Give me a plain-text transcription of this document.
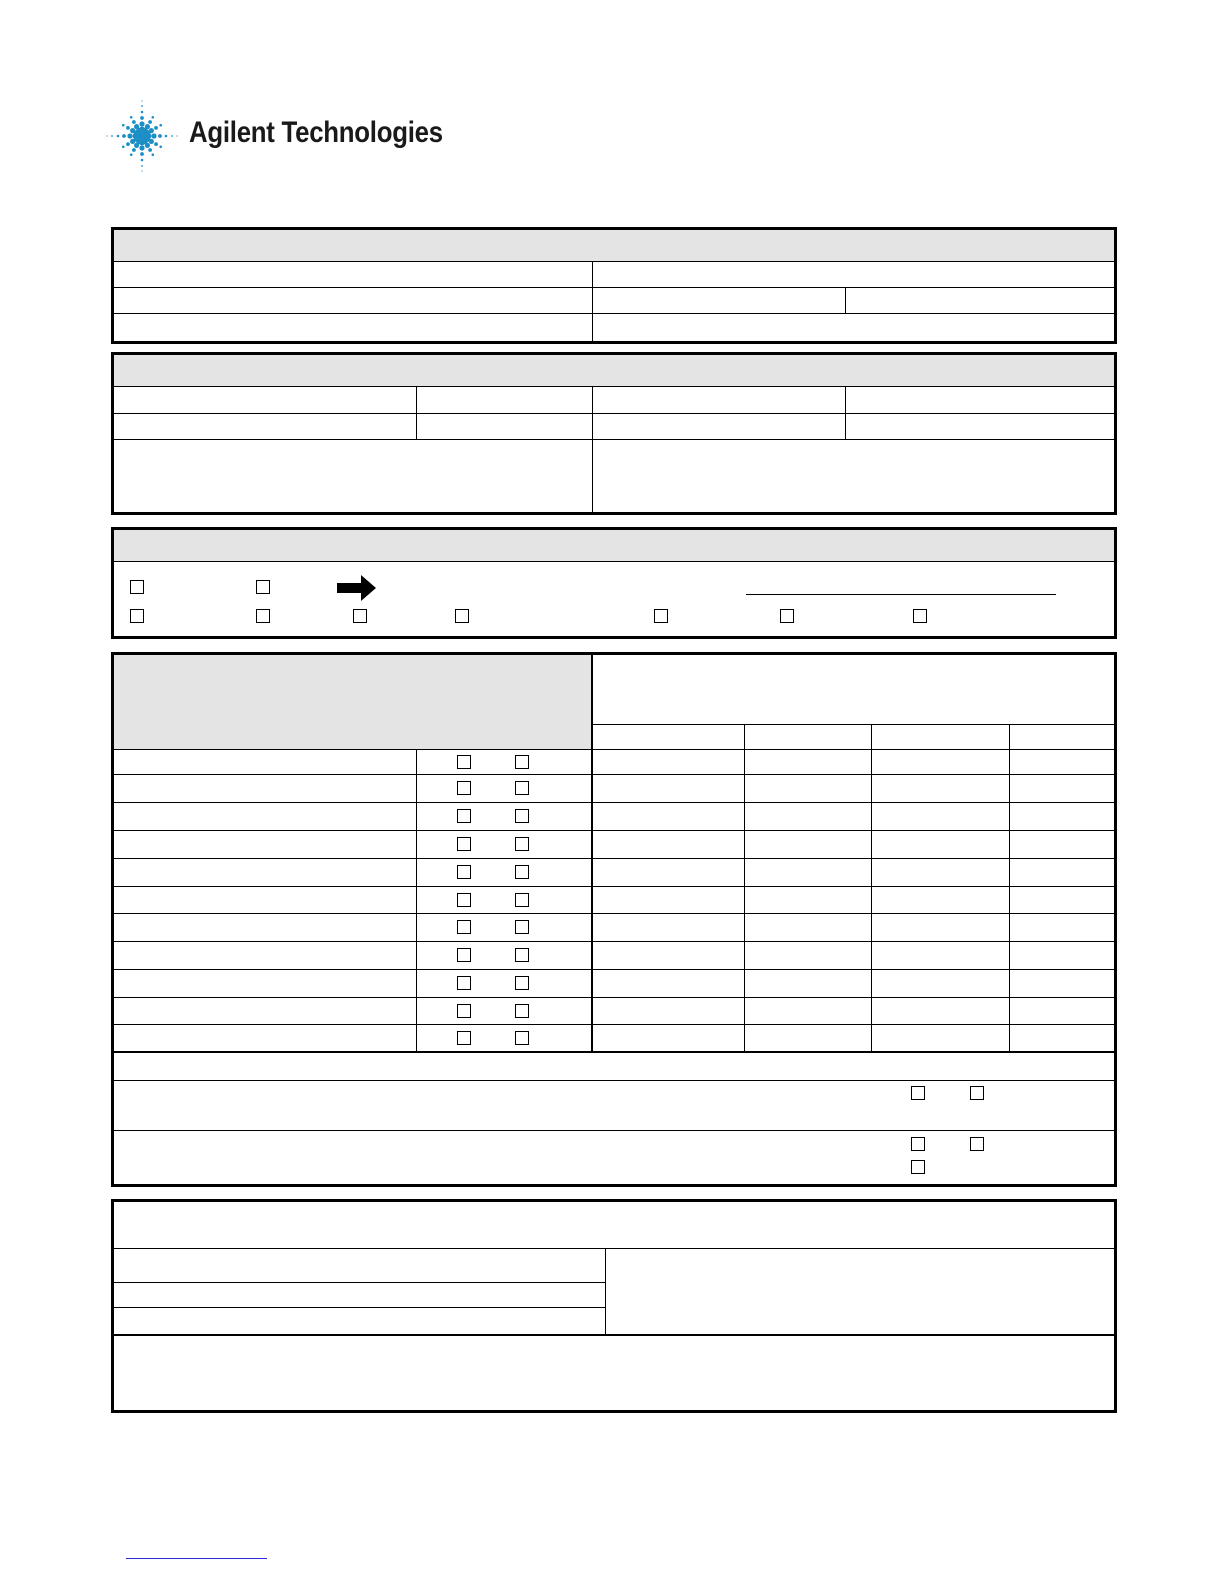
Agilent Technologies
